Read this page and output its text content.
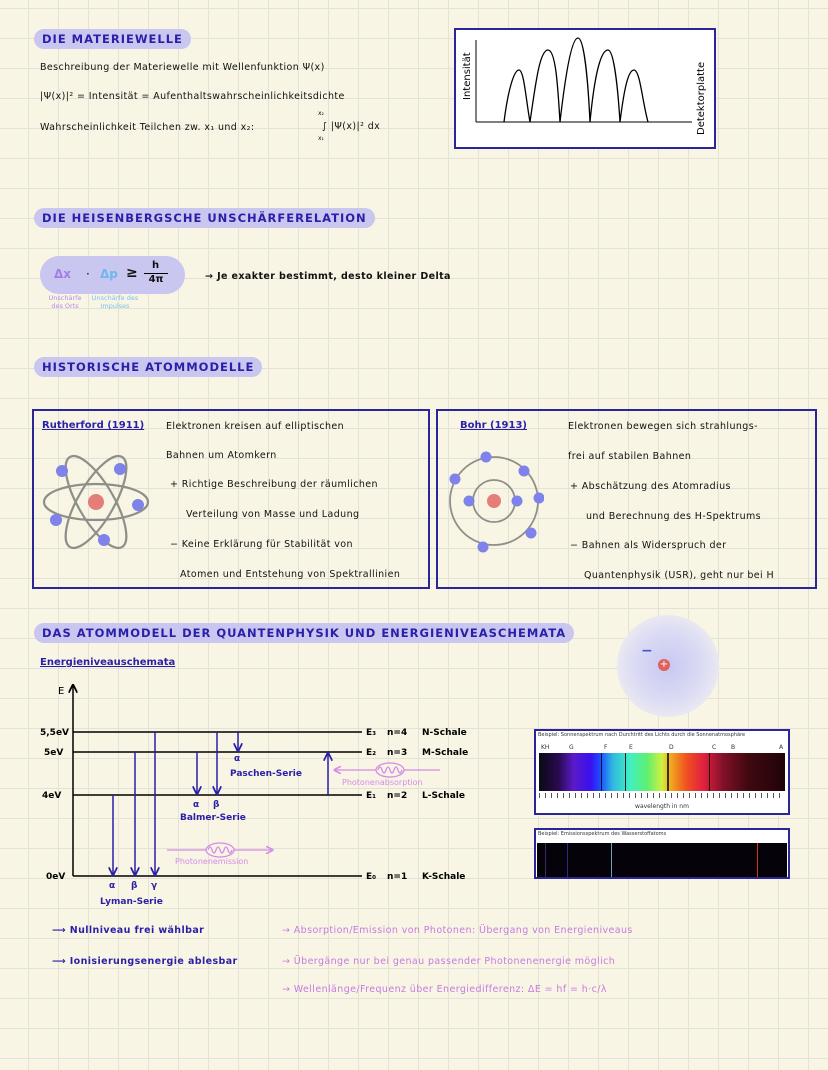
DIE MATERIEWELLE
Beschreibung der Materiewelle mit Wellenfunktion Ψ(x)
|Ψ(x)|² = Intensität = Aufenthaltswahrscheinlichkeitsdichte
Wahrscheinlichkeit Teilchen zw. x₁ und x₂:
x₂
x₁
∫ |Ψ(x)|² dx
Intensität	Detektorplatte
DIE HEISENBERGSCHE UNSCHÄRFERELATION
Δx · Δp ≥ h
4π	→ Je exakter bestimmt, desto kleiner Delta
Unschärfe des Orts
Unschärfe des Impulses
HISTORISCHE ATOMMODELLE
Rutherford (1911) Elektronen kreisen auf elliptischen
Bahnen um Atomkern
+ Richtige Beschreibung der räumlichen
Verteilung von Masse und Ladung
− Keine Erklärung für Stabilität von
Atomen und Entstehung von Spektrallinien
Bohr (1913)	Elektronen bewegen sich strahlungs-
frei auf stabilen Bahnen
+ Abschätzung des Atomradius
und Berechnung des H-Spektrums
− Bahnen als Widerspruch der
Quantenphysik (USR), geht nur bei H
DAS ATOMMODELL DER QUANTENPHYSIK UND ENERGIENIVEASCHEMATA
Energieniveauschemata
−
+
E
5,5eV
5eV
4eV
0eV
E₃ n=4 N-Schale
E₂ n=3 M-Schale
E₁ n=2 L-Schale
E₀ n=1 K-Schale
α β γ
Lyman-Serie
α β
Balmer-Serie
α
Paschen-Serie
Photonenabsorption
Photonenemission
Beispiel: Sonnenspektrum nach Durchtritt des Lichts durch die Sonnenatmosphäre
KH	G	F	E	D	C B	A
wavelength in nm
Beispiel: Emissionsspektrum des Wasserstoffatoms
⟶ Nullniveau frei wählbar
⟶ Ionisierungsenergie ablesbar
→ Absorption/Emission von Photonen: Übergang von Energieniveaus
→ Übergänge nur bei genau passender Photonenenergie möglich
→ Wellenlänge/Frequenz über Energiedifferenz: ΔE = hf = h·c/λ
